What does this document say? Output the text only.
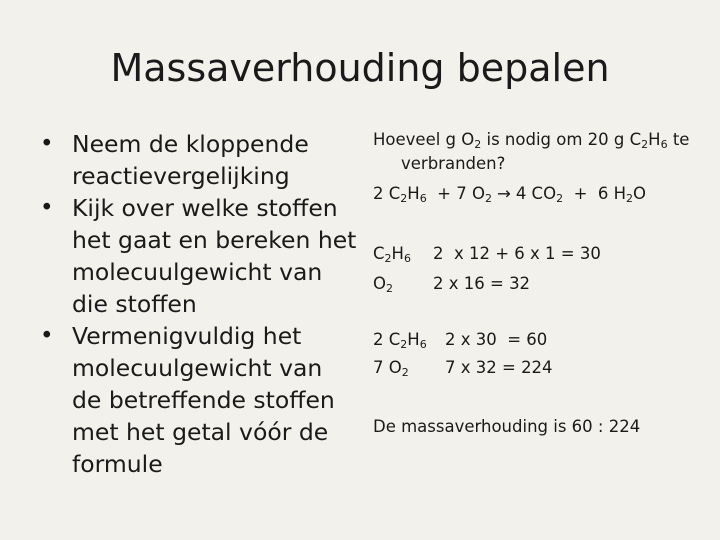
Massaverhouding bepalen
• Neem de kloppende reactievergelijking
• Kijk over welke stoffen het gaat en bereken het molecuulgewicht van die stoffen
• Vermenigvuldig het molecuulgewicht van de betreffende stoffen met het getal vóór de formule
Hoeveel g $O_2$ is nodig om 20 g $C_2H_6$ te
verbranden?
2 $C_2H_6 + 7$ $O_2 \to 4$ $CO_2 + 6$ $H_2O$
$C_2H_6$ 2  x 12 + 6 x 1 = 30
$O_2$ 2 x 16 = 32
2 $C_2H_6$ 2 x 30  = 60
7 $O_2$ 7 x 32 = 224
De massaverhouding is 60 : 224
